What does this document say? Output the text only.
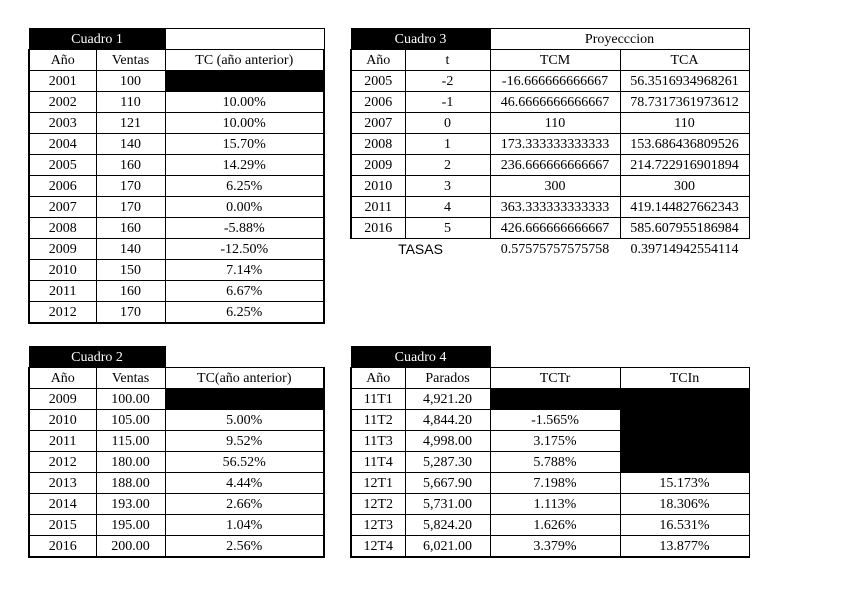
Cuadro 1		
Año	Ventas	TC (año anterior)
2001	100	
2002	110	10.00%
2003	121	10.00%
2004	140	15.70%
2005	160	14.29%
2006	170	6.25%
2007	170	0.00%
2008	160	-5.88%
2009	140	-12.50%
2010	150	7.14%
2011	160	6.67%
2012	170	6.25%
Cuadro 2		
Año	Ventas	TC(año anterior)
2009	100.00	
2010	105.00	5.00%
2011	115.00	9.52%
2012	180.00	56.52%
2013	188.00	4.44%
2014	193.00	2.66%
2015	195.00	1.04%
2016	200.00	2.56%
Cuadro 3		Proyecccion	
Año	t	TCM	TCA
2005	-2	-16.666666666667	56.3516934968261
2006	-1	46.6666666666667	78.7317361973612
2007	0	110	110
2008	1	173.333333333333	153.686436809526
2009	2	236.666666666667	214.722916901894
2010	3	300	300
2011	4	363.333333333333	419.144827662343
2016	5	426.666666666667	585.607955186984
TASAS		0.57575757575758	0.39714942554114
Cuadro 4			
Año	Parados	TCTr	TCIn
11T1	4,921.20		
11T2	4,844.20	-1.565%	
11T3	4,998.00	3.175%	
11T4	5,287.30	5.788%	
12T1	5,667.90	7.198%	15.173%
12T2	5,731.00	1.113%	18.306%
12T3	5,824.20	1.626%	16.531%
12T4	6,021.00	3.379%	13.877%
